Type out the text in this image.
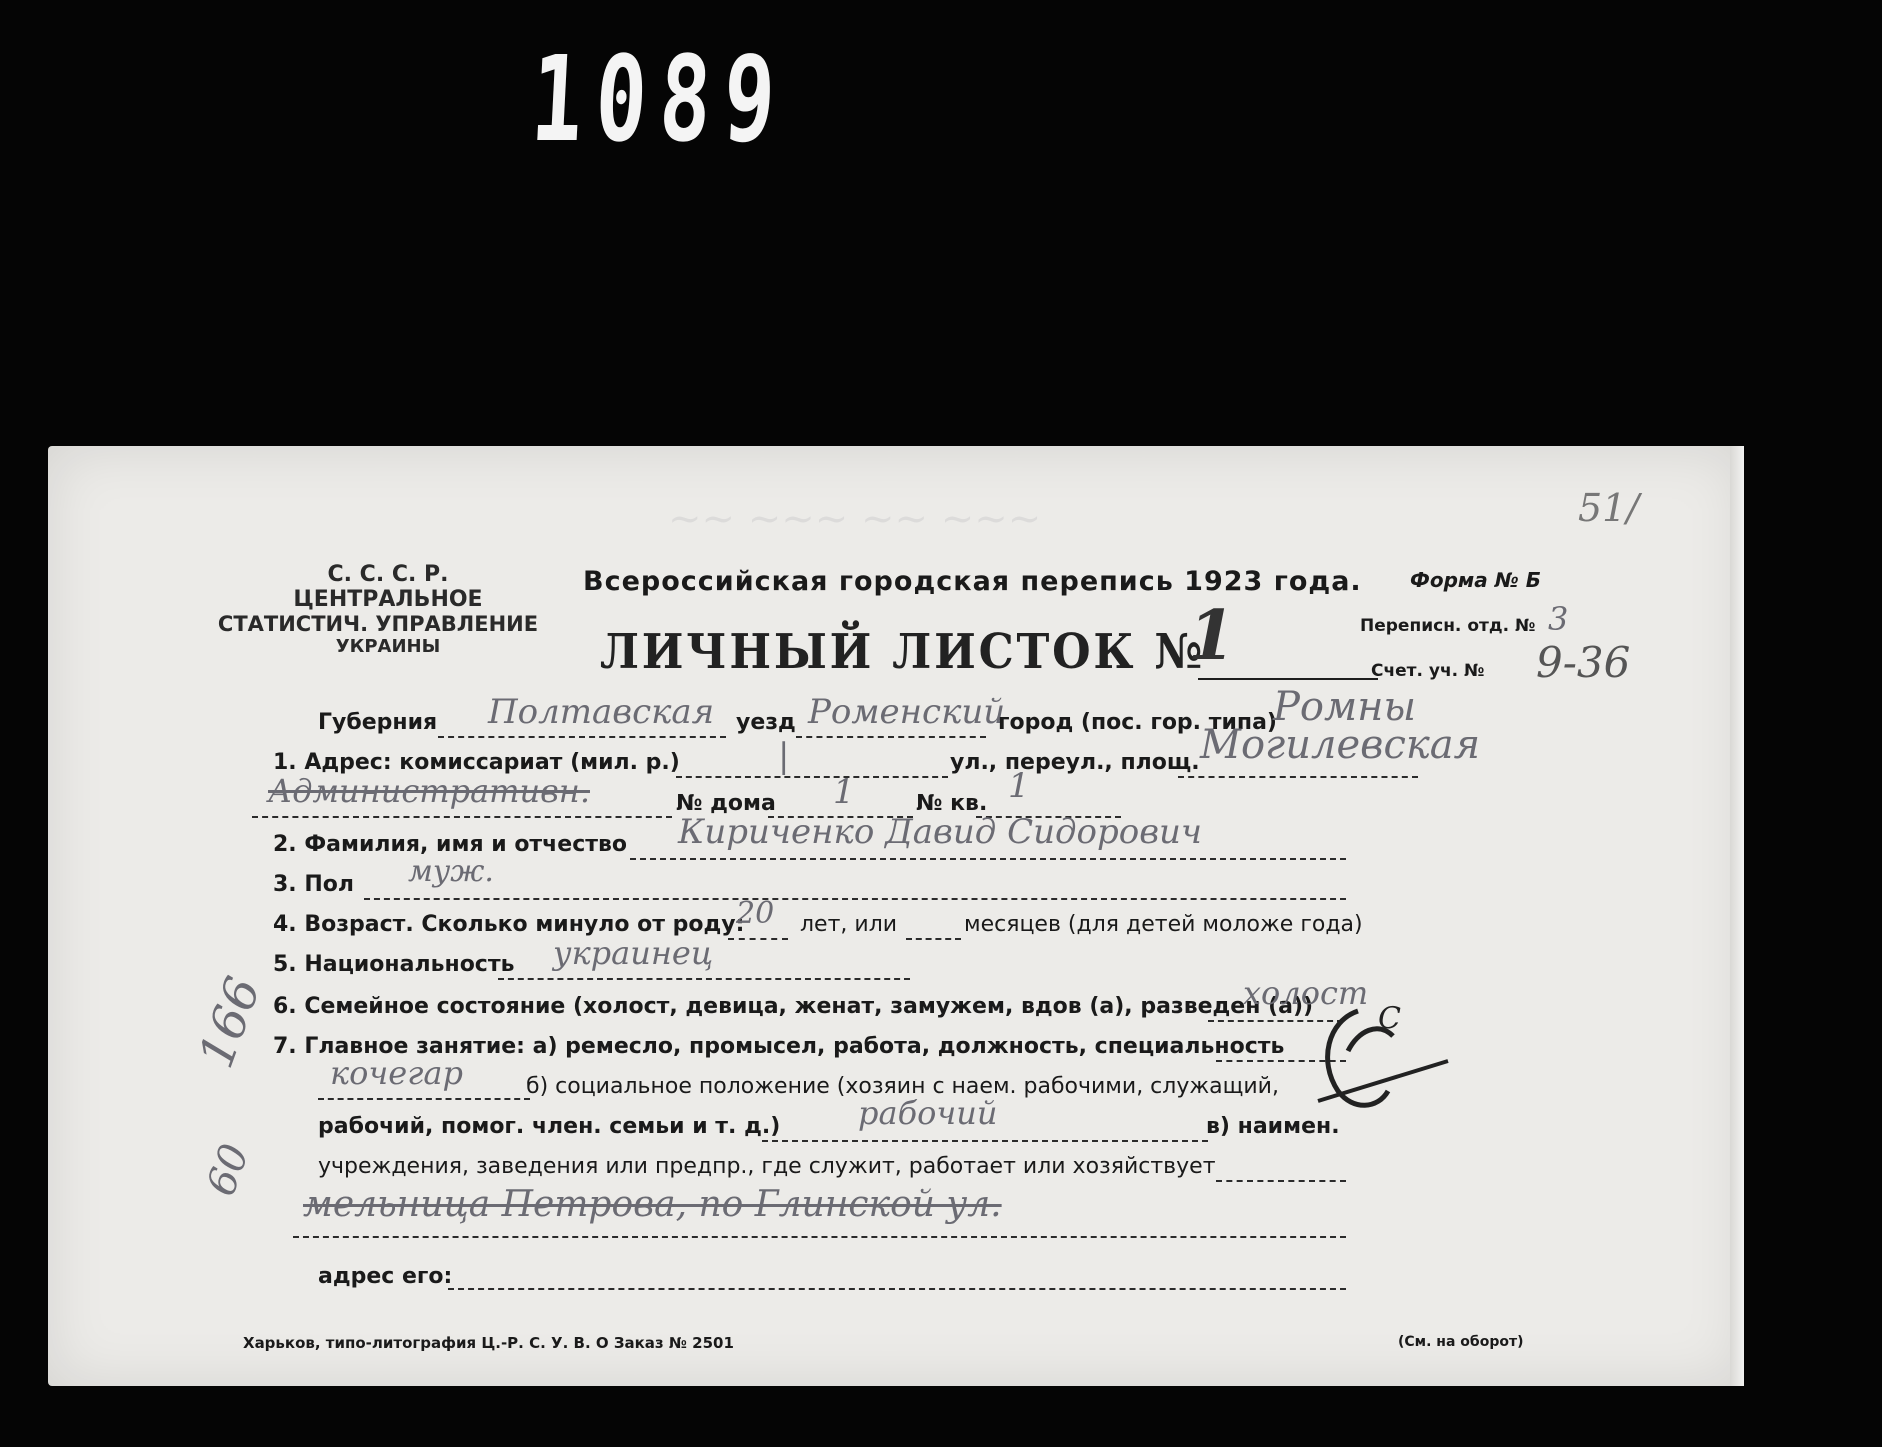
1089
~~ ~~~ ~~ ~~~	51/
С. С. С. Р.
ЦЕНТРАЛЬНОЕ
СТАТИСТИЧ. УПРАВЛЕНИЕ
УКРАИНЫ
Всероссийская городская перепись 1923 года. Форма № Б
ЛИЧНЫЙ ЛИСТОК №
1	Переписн. отд. № 3
Счет. уч. № 9-36
Губерния Полтавская уезд Роменский
город (пос. гор. типа)
Ромны
1. Адрес: комиссариат (мил. р.)	|	ул., переул., площ. Могилевская
Административн.	№ дома 1	№ кв. 1
2. Фамилия, имя и отчество Кириченко Давид Сидорович
3. Пол муж.
4. Возраст. Сколько минуло от роду:
20 лет, или	месяцев (для детей моложе года)
5. Национальность украинец
6. Семейное состояние (холост, девица, женат, замужем, вдов (а), разведен (а))
холост
7. Главное занятие: а) ремесло, промысел, работа, должность, специальность
кочегар	б) социальное положение (хозяин с наем. рабочими, служащий,
рабочий, помог. член. семьи и т. д.) рабочий	в) наимен.
учреждения, заведения или предпр., где служит, работает или хозяйствует
мельница Петрова, по Глинской ул.
адрес его:
166
60
С
Харьков, типо-литография Ц.-Р. С. У. В. О Заказ № 2501	(См. на оборот)
